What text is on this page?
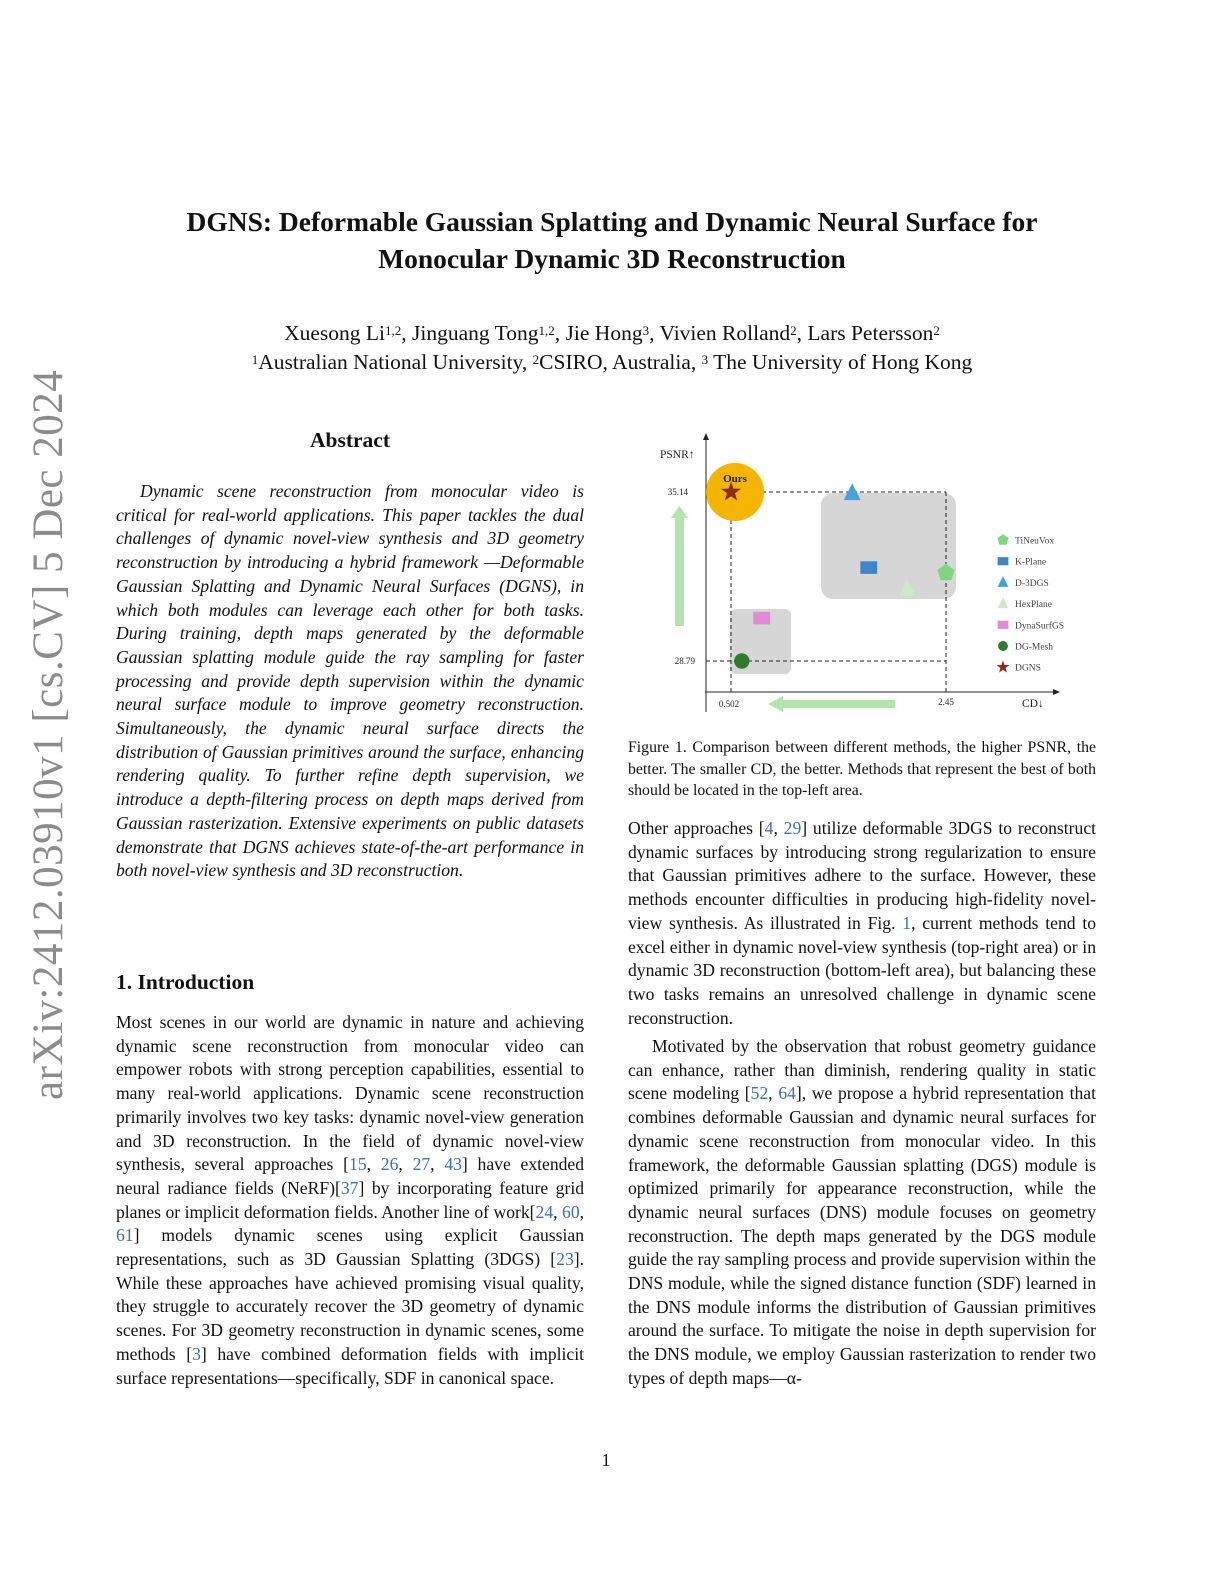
arXiv:2412.03910v1 [cs.CV] 5 Dec 2024
DGNS: Deformable Gaussian Splatting and Dynamic Neural Surface for
Monocular Dynamic 3D Reconstruction
Xuesong Li$^{1,2}$, Jinguang Tong$^{1,2}$, Jie Hong$^3$, Vivien Rolland$^2$, Lars Petersson$^2$
$^1$Australian National University, $^2$CSIRO, Australia, $^3$ The University of Hong Kong
Abstract
Dynamic scene reconstruction from monocular video is critical for real-world applications. This paper tackles the dual challenges of dynamic novel-view synthesis and 3D geometry reconstruction by introducing a hybrid framework —Deformable Gaussian Splatting and Dynamic Neural Surfaces (DGNS), in which both modules can leverage each other for both tasks. During training, depth maps generated by the deformable Gaussian splatting module guide the ray sampling for faster processing and provide depth supervision within the dynamic neural surface module to improve geometry reconstruction. Simultaneously, the dynamic neural surface directs the distribution of Gaussian primitives around the surface, enhancing rendering quality. To further refine depth supervision, we introduce a depth-filtering process on depth maps derived from Gaussian rasterization. Extensive experiments on public datasets demonstrate that DGNS achieves state-of-the-art performance in both novel-view synthesis and 3D reconstruction.
1. Introduction
Most scenes in our world are dynamic in nature and achieving dynamic scene reconstruction from monocular video can empower robots with strong perception capabilities, essential to many real-world applications. Dynamic scene reconstruction primarily involves two key tasks: dynamic novel-view generation and 3D reconstruction. In the field of dynamic novel-view synthesis, several approaches [15, 26, 27, 43] have extended neural radiance fields (NeRF)[37] by incorporating feature grid planes or implicit deformation fields. Another line of work[24, 60, 61] models dynamic scenes using explicit Gaussian representations, such as 3D Gaussian Splatting (3DGS) [23]. While these approaches have achieved promising visual quality, they struggle to accurately recover the 3D geometry of dynamic scenes. For 3D geometry reconstruction in dynamic scenes, some methods [3] have combined deformation fields with implicit surface representations—specifically, SDF in canonical space.
Ours
PSNR↑
CD↓
35.14
28.79
0.502	2.45
TiNeuVox
K-Plane
D-3DGS
HexPlane
DynaSurfGS
DG-Mesh
DGNS
Figure 1. Comparison between different methods, the higher PSNR, the better. The smaller CD, the better. Methods that represent the best of both should be located in the top-left area.
Other approaches [4, 29] utilize deformable 3DGS to reconstruct dynamic surfaces by introducing strong regularization to ensure that Gaussian primitives adhere to the surface. However, these methods encounter difficulties in producing high-fidelity novel-view synthesis. As illustrated in Fig. 1, current methods tend to excel either in dynamic novel-view synthesis (top-right area) or in dynamic 3D reconstruction (bottom-left area), but balancing these two tasks remains an unresolved challenge in dynamic scene reconstruction.
Motivated by the observation that robust geometry guidance can enhance, rather than diminish, rendering quality in static scene modeling [52, 64], we propose a hybrid representation that combines deformable Gaussian and dynamic neural surfaces for dynamic scene reconstruction from monocular video. In this framework, the deformable Gaussian splatting (DGS) module is optimized primarily for appearance reconstruction, while the dynamic neural surfaces (DNS) module focuses on geometry reconstruction. The depth maps generated by the DGS module guide the ray sampling process and provide supervision within the DNS module, while the signed distance function (SDF) learned in the DNS module informs the distribution of Gaussian primitives around the surface. To mitigate the noise in depth supervision for the DNS module, we employ Gaussian rasterization to render two types of depth maps—α-
1
